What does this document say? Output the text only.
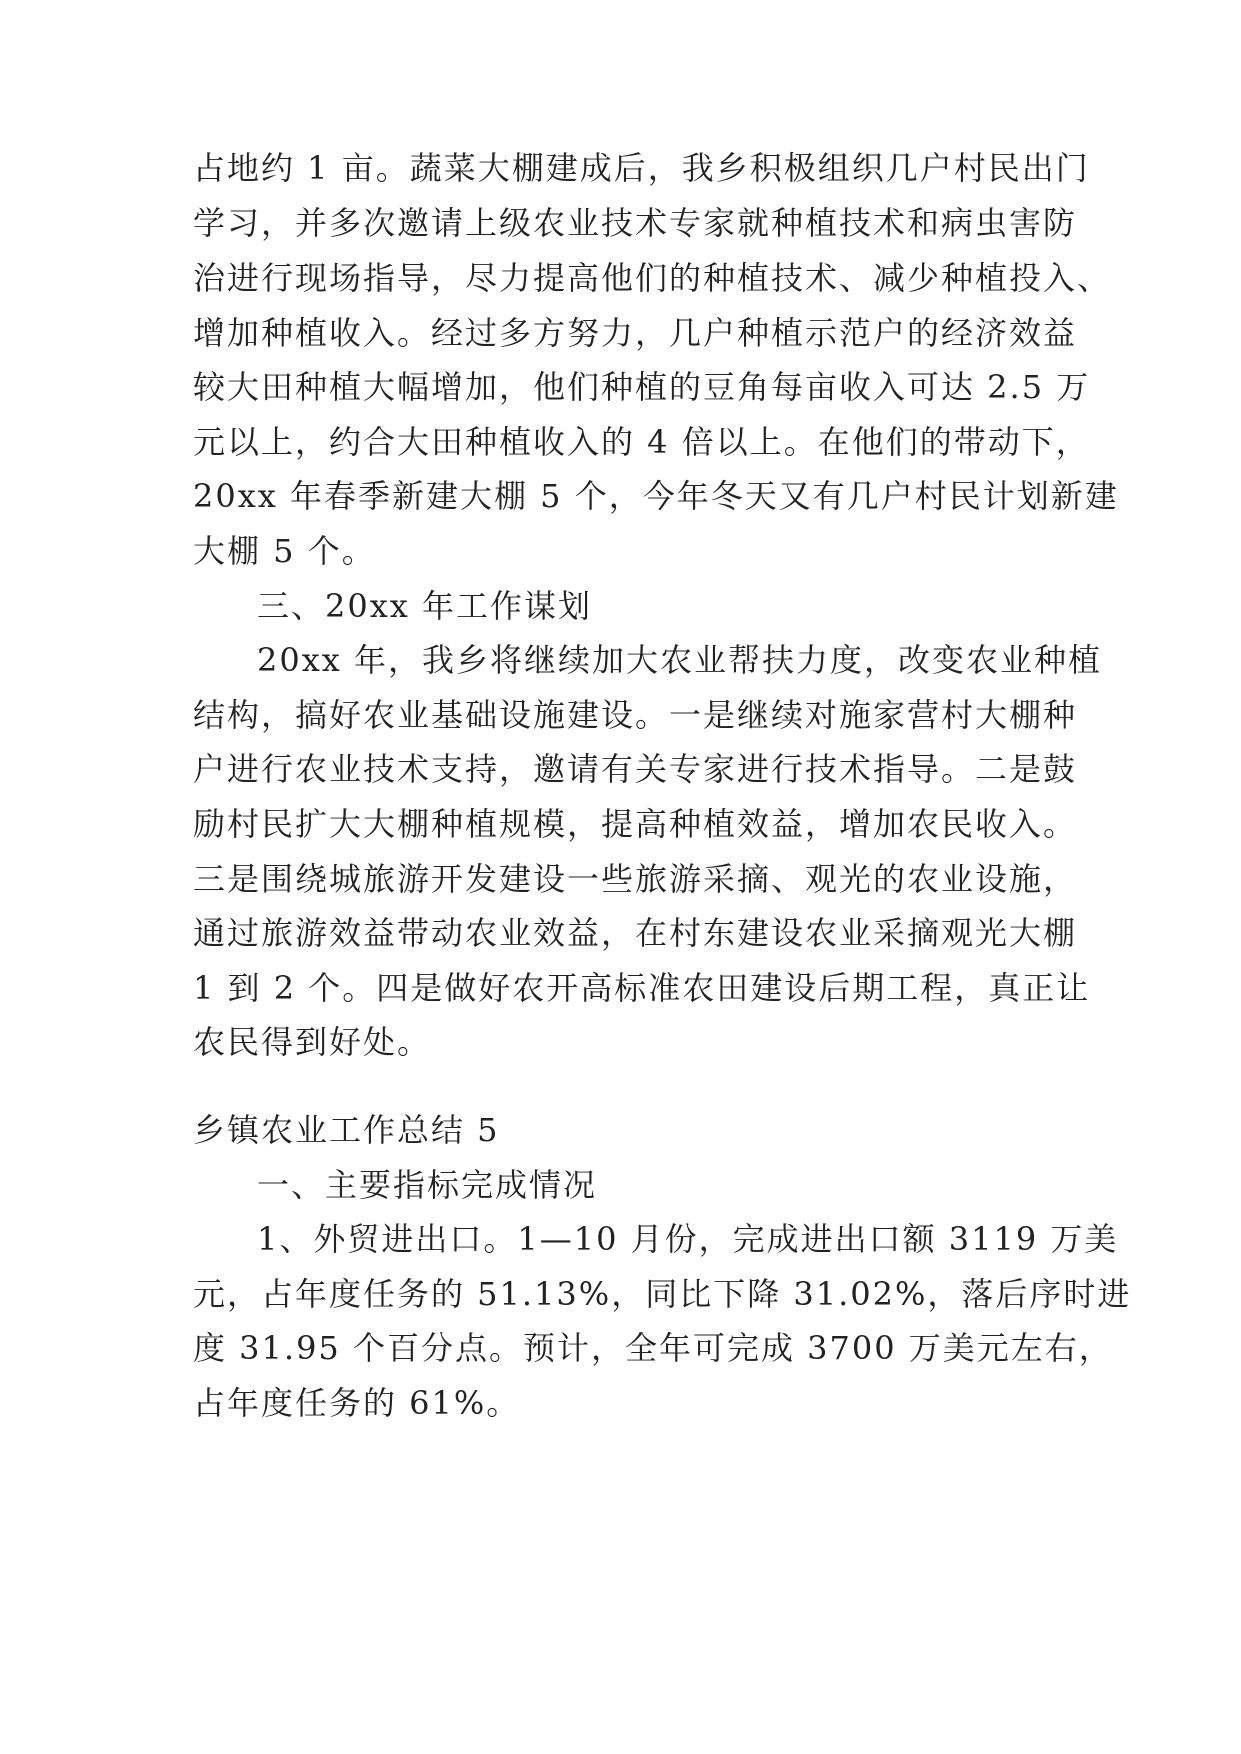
占地约 1 亩。蔬菜大棚建成后，我乡积极组织几户村民出门
学习，并多次邀请上级农业技术专家就种植技术和病虫害防
治进行现场指导，尽力提高他们的种植技术、减少种植投入、
增加种植收入。经过多方努力，几户种植示范户的经济效益
较大田种植大幅增加，他们种植的豆角每亩收入可达 2.5 万
元以上，约合大田种植收入的 4 倍以上。在他们的带动下，
20xx 年春季新建大棚 5 个，今年冬天又有几户村民计划新建
大棚 5 个。
三、20xx 年工作谋划
20xx 年，我乡将继续加大农业帮扶力度，改变农业种植
结构，搞好农业基础设施建设。一是继续对施家营村大棚种
户进行农业技术支持，邀请有关专家进行技术指导。二是鼓
励村民扩大大棚种植规模，提高种植效益，增加农民收入。
三是围绕城旅游开发建设一些旅游采摘、观光的农业设施，
通过旅游效益带动农业效益，在村东建设农业采摘观光大棚
1 到 2 个。四是做好农开高标准农田建设后期工程，真正让
农民得到好处。
乡镇农业工作总结 5
一、主要指标完成情况
1、外贸进出口。1—10 月份，完成进出口额 3119 万美
元，占年度任务的 51.13%，同比下降 31.02%，落后序时进
度 31.95 个百分点。预计，全年可完成 3700 万美元左右，
占年度任务的 61%。
